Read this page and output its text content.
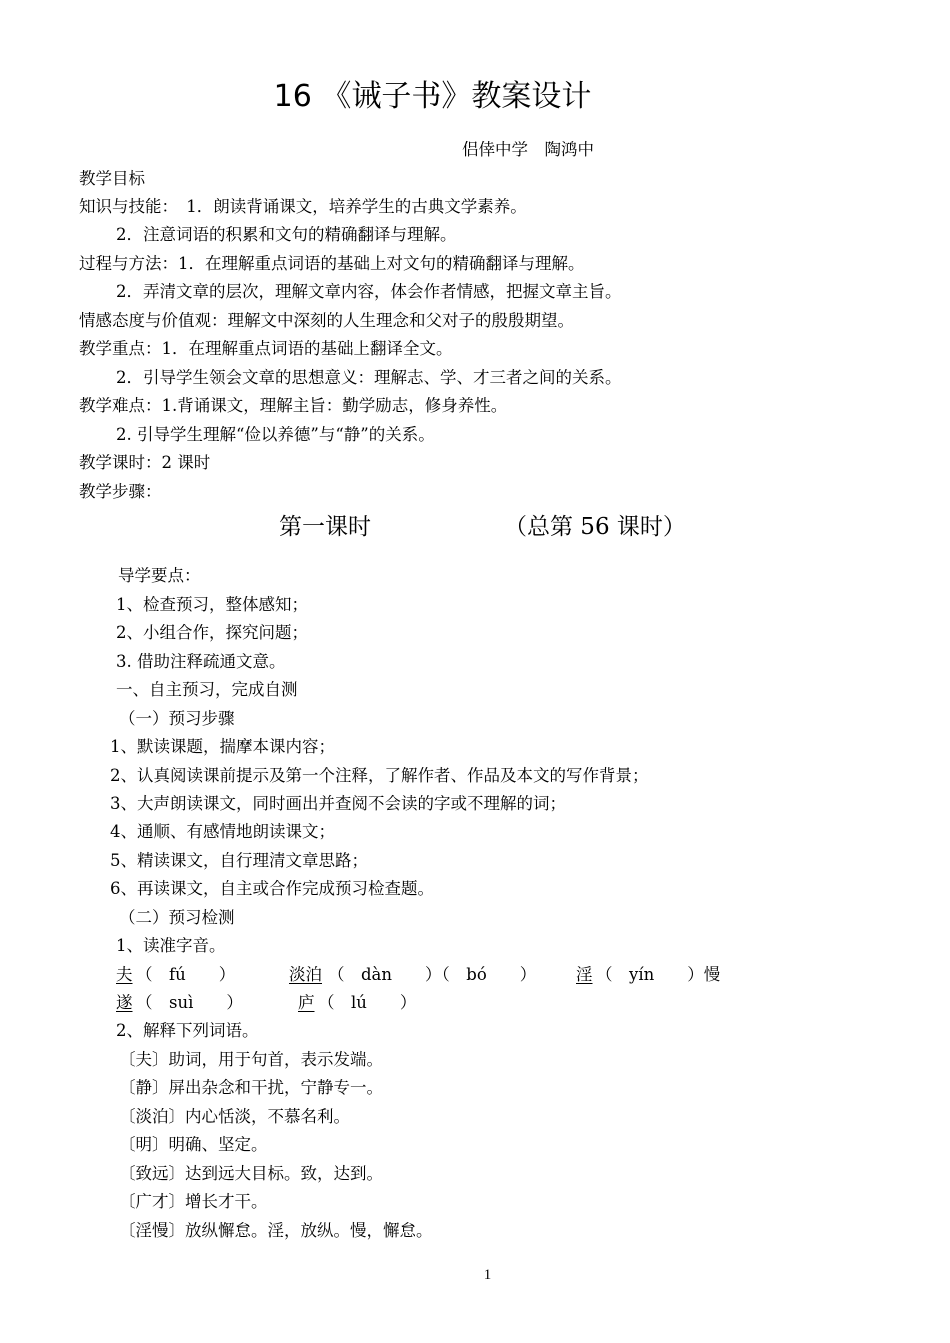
16 《诫子书》教案设计
侣倖中学　陶鸿中
教学目标
知识与技能：　1．朗读背诵课文，培养学生的古典文学素养。
2．注意词语的积累和文句的精确翻译与理解。
过程与方法：1．在理解重点词语的基础上对文句的精确翻译与理解。
2．弄清文章的层次，理解文章内容，体会作者情感，把握文章主旨。
情感态度与价值观：理解文中深刻的人生理念和父对子的殷殷期望。
教学重点：1．在理解重点词语的基础上翻译全文。
2．引导学生领会文章的思想意义：理解志、学、才三者之间的关系。
教学难点：1.背诵课文，理解主旨：勤学励志，修身养性。
2. 引导学生理解“俭以养德”与“静”的关系。
教学课时：2 课时
教学步骤：
第一课时	（总第 56 课时）
导学要点：
1、检查预习，整体感知；
2、小组合作，探究问题；
3. 借助注释疏通文意。
一、自主预习，完成自测
（一）预习步骤
1、默读课题，揣摩本课内容；
2、认真阅读课前提示及第一个注释，了解作者、作品及本文的写作背景；
3、大声朗读课文，同时画出并查阅不会读的字或不理解的词；
4、通顺、有感情地朗读课文；
5、精读课文，自行理清文章思路；
6、再读课文，自主或合作完成预习检查题。
（二）预习检测
1、读准字音。
夫 （　fú　　）	淡泊 （　dàn　　）（　bó　　） 淫 （　yín　　）慢
遂 （　suì　　）	庐 （　lú　　）
2、解释下列词语。
〔夫〕助词，用于句首，表示发端。
〔静〕屏出杂念和干扰，宁静专一。
〔淡泊〕内心恬淡，不慕名利。
〔明〕明确、坚定。
〔致远〕达到远大目标。致，达到。
〔广才〕增长才干。
〔淫慢〕放纵懈怠。淫，放纵。慢，懈怠。
1
